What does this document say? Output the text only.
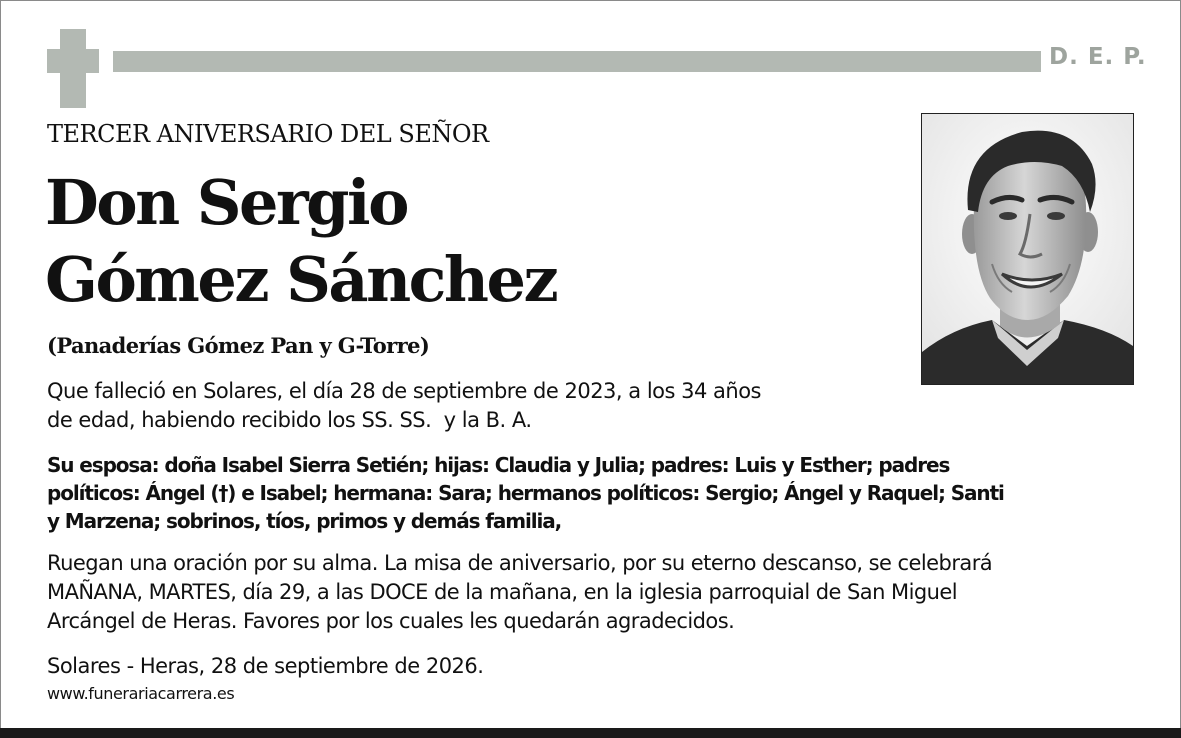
D. E. P.
TERCER ANIVERSARIO DEL SEÑOR
Don Sergio
Gómez Sánchez
(Panaderías Gómez Pan y G-Torre)
Que falleció en Solares, el día 28 de septiembre de 2023, a los 34 años
de edad, habiendo recibido los SS. SS.  y la B. A.
Su esposa: doña Isabel Sierra Setién; hijas: Claudia y Julia; padres: Luis y Esther; padres
políticos: Ángel (†) e Isabel; hermana: Sara; hermanos políticos: Sergio; Ángel y Raquel; Santi
y Marzena; sobrinos, tíos, primos y demás familia,
Ruegan una oración por su alma. La misa de aniversario, por su eterno descanso, se celebrará
MAÑANA, MARTES, día 29, a las DOCE de la mañana, en la iglesia parroquial de San Miguel
Arcángel de Heras. Favores por los cuales les quedarán agradecidos.
Solares - Heras, 28 de septiembre de 2026.
www.funerariacarrera.es
